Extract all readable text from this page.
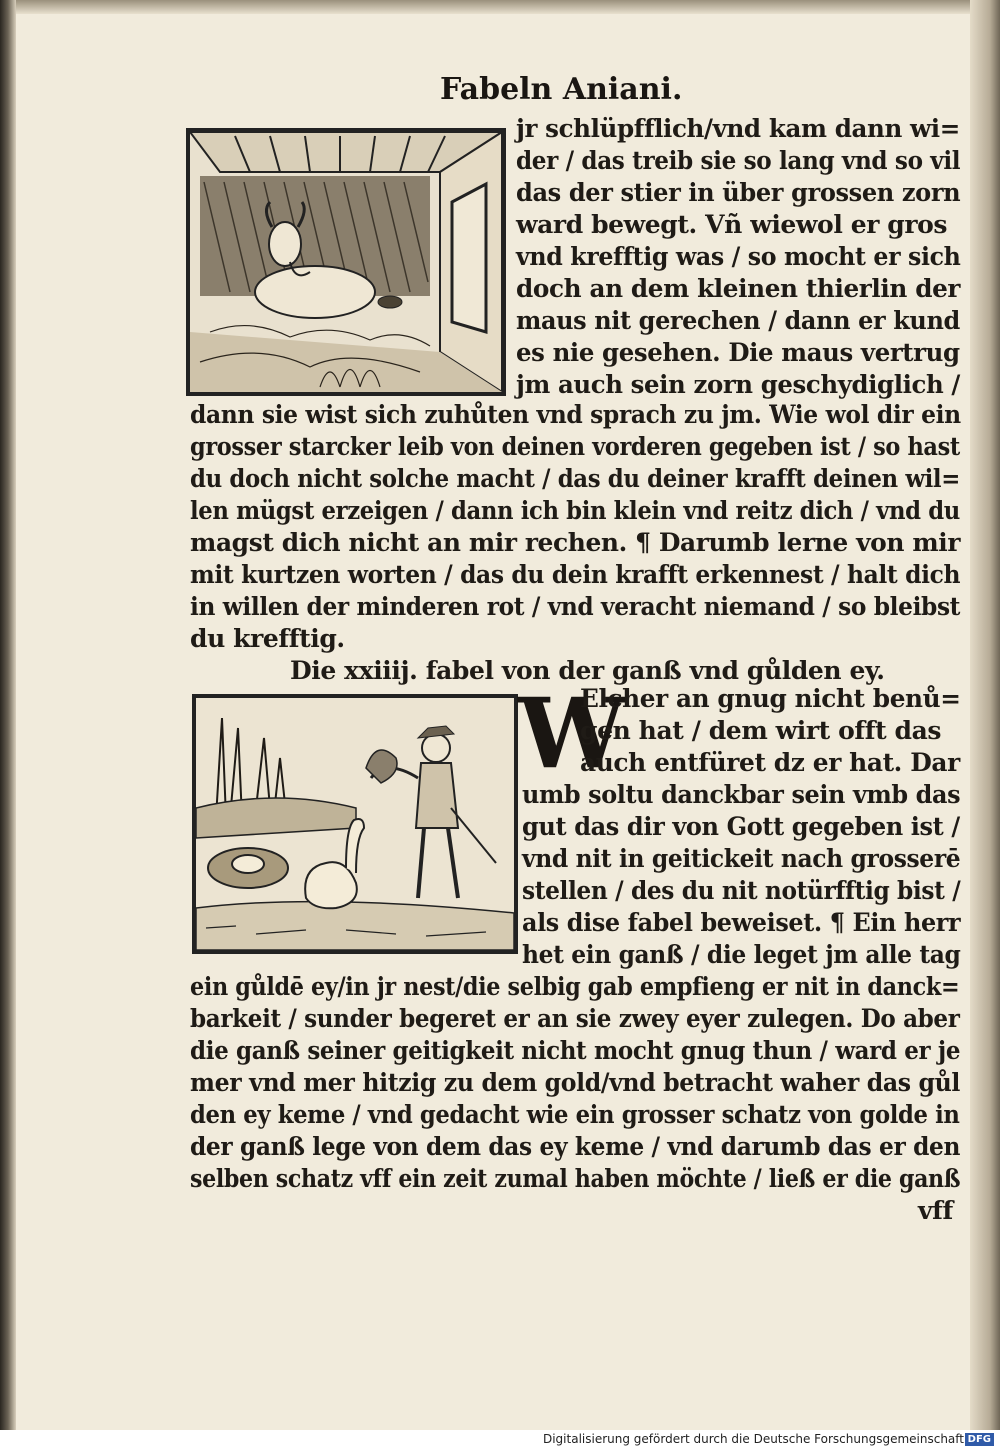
Fabeln Aniani.
jr schlüpfflich/vnd kam dann wi=
der / das treib sie so lang vnd so vil
das der stier in über grossen zorn
ward bewegt. Vñ wiewol er gros
vnd krefftig was / so mocht er sich
doch an dem kleinen thierlin der
maus nit gerechen / dann er kund
es nie gesehen. Die maus vertrug
jm auch sein zorn geschydiglich /
dann sie wist sich zuhůten vnd sprach zu jm. Wie wol dir ein
grosser starcker leib von deinen vorderen gegeben ist / so hast
du doch nicht solche macht / das du deiner krafft deinen wil=
len mügst erzeigen / dann ich bin klein vnd reitz dich / vnd du
magst dich nicht an mir rechen. ¶ Darumb lerne von mir
mit kurtzen worten / das du dein krafft erkennest / halt dich
in willen der minderen rot / vnd veracht niemand / so bleibst
du krefftig.
Die xxiiij. fabel von der ganß vnd gůlden ey.
W
Elcher an gnug nicht benů=
gen hat / dem wirt offt das
auch entfüret dz er hat. Dar
umb soltu danckbar sein vmb das
gut das dir von Gott gegeben ist /
vnd nit in geitickeit nach grosserē
stellen / des du nit notürfftig bist /
als dise fabel beweiset. ¶ Ein herr
het ein ganß / die leget jm alle tag
ein gůldē ey/in jr nest/die selbig gab empfieng er nit in danck=
barkeit / sunder begeret er an sie zwey eyer zulegen. Do aber
die ganß seiner geitigkeit nicht mocht gnug thun / ward er je
mer vnd mer hitzig zu dem gold/vnd betracht waher das gůl
den ey keme / vnd gedacht wie ein grosser schatz von golde in
der ganß lege von dem das ey keme / vnd darumb das er den
selben schatz vff ein zeit zumal haben möchte / ließ er die ganß
vff
Digitalisierung gefördert durch die Deutsche Forschungsgemeinschaft DFG
